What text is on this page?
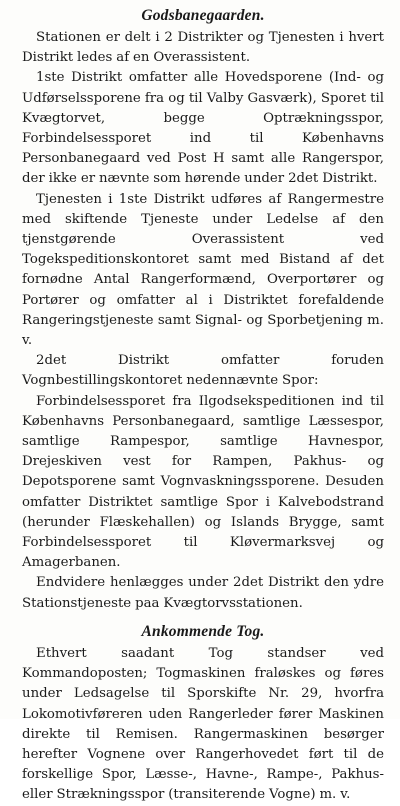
Godsbanegaarden.

Stationen er delt i 2 Distrikter og Tjenesten i hvert Distrikt ledes af en Overassistent.

1ste Distrikt omfatter alle Hovedsporene (Ind- og Udførselssporene fra og til Valby Gasværk), Sporet til Kvægtorvet, begge Optrækningsspor, Forbindelsessporet ind til Københavns Personbanegaard ved Post H samt alle Rangerspor, der ikke er nævnte som hørende under 2det Distrikt.

Tjenesten i 1ste Distrikt udføres af Rangermestre med skiftende Tjeneste under Ledelse af den tjenstgørende Overassistent ved Togekspeditionskontoret samt med Bistand af det fornødne Antal Rangerformænd, Overportører og Portører og omfatter al i Distriktet forefaldende Rangeringstjeneste samt Signal- og Sporbetjening m. v.

2det Distrikt omfatter foruden Vognbestillingskontoret nedennævnte Spor:

Forbindelsessporet fra Ilgodsekspeditionen ind til Københavns Personbanegaard, samtlige Læssespor, samtlige Rampespor, samtlige Havnespor, Drejeskiven vest for Rampen, Pakhus- og Depotsporene samt Vognvaskningssporene. Desuden omfatter Distriktet samtlige Spor i Kalvebodstrand (herunder Flæskehallen) og Islands Brygge, samt Forbindelsessporet til Kløvermarksvej og Amagerbanen.

Endvidere henlægges under 2det Distrikt den ydre Stationstjeneste paa Kvægtorvsstationen.

Ankommende Tog.

Ethvert saadant Tog standser ved Kommandoposten; Togmaskinen fraløskes og føres under Ledsagelse til Sporskifte Nr. 29, hvorfra Lokomotivføreren uden Rangerleder fører Maskinen direkte til Remisen. Rangermaskinen besørger herefter Vognene over Rangerhovedet ført til de forskellige Spor, Læsse-, Havne-, Rampe-, Pakhus- eller Strækningsspor (transiterende Vogne) m. v.
